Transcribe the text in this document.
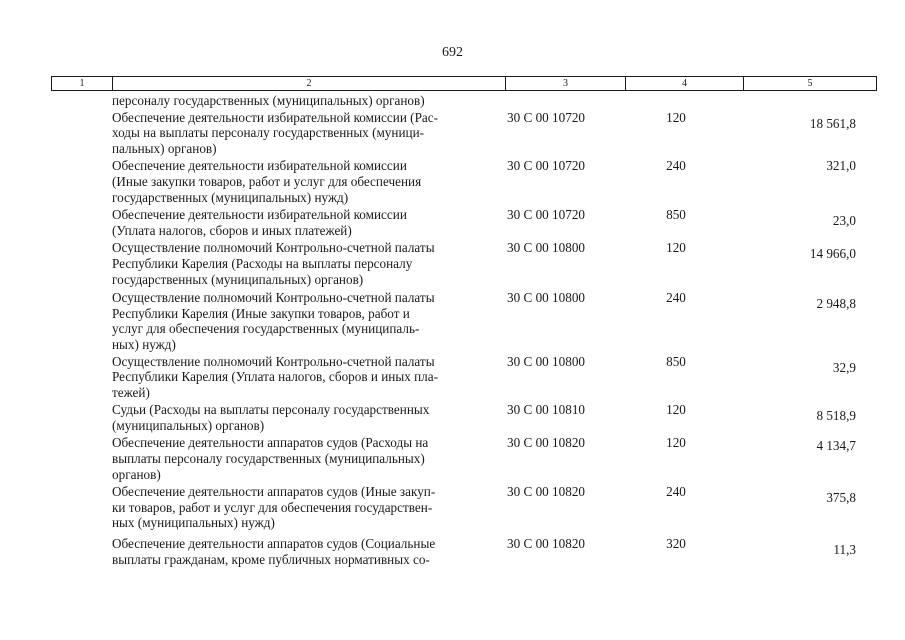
692
1	2	3	4	5
персоналу государственных (муниципальных) органов)
Обеспечение деятельности избирательной комиссии (Рас-
ходы на выплаты персоналу государственных (муници-
пальных) органов)
30 С 00 10720	120	18 561,8
Обеспечение деятельности избирательной комиссии
(Иные закупки товаров, работ и услуг для обеспечения
государственных (муниципальных) нужд)
30 С 00 10720	240	321,0
Обеспечение деятельности избирательной комиссии
(Уплата налогов, сборов и иных платежей)
30 С 00 10720	850	23,0
Осуществление полномочий Контрольно-счетной палаты
Республики Карелия (Расходы на выплаты персоналу
государственных (муниципальных) органов)
30 С 00 10800	120	14 966,0
Осуществление полномочий Контрольно-счетной палаты
Республики Карелия (Иные закупки товаров, работ и
услуг для обеспечения государственных (муниципаль-
ных) нужд)
30 С 00 10800	240	2 948,8
Осуществление полномочий Контрольно-счетной палаты
Республики Карелия (Уплата налогов, сборов и иных пла-
тежей)
30 С 00 10800	850	32,9
Судьи (Расходы на выплаты персоналу государственных
(муниципальных) органов)
30 С 00 10810	120	8 518,9
Обеспечение деятельности аппаратов судов (Расходы на
выплаты персоналу государственных (муниципальных)
органов)
30 С 00 10820	120	4 134,7
Обеспечение деятельности аппаратов судов (Иные закуп-
ки товаров, работ и услуг для обеспечения государствен-
ных (муниципальных) нужд)
30 С 00 10820	240	375,8
Обеспечение деятельности аппаратов судов (Социальные
выплаты гражданам, кроме публичных нормативных со-
30 С 00 10820	320	11,3
